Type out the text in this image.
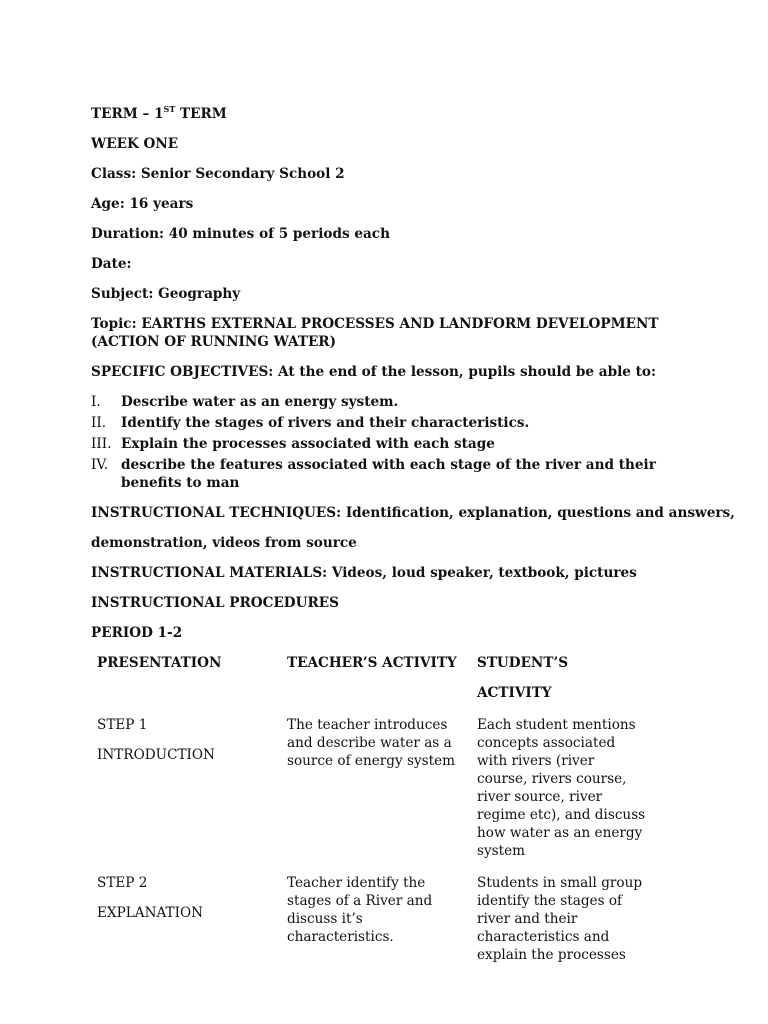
TERM – 1ST TERM
WEEK ONE
Class: Senior Secondary School 2
Age: 16 years
Duration: 40 minutes of 5 periods each
Date:
Subject: Geography
Topic: EARTHS EXTERNAL PROCESSES AND LANDFORM DEVELOPMENT (ACTION OF RUNNING WATER)
SPECIFIC OBJECTIVES: At the end of the lesson, pupils should be able to:
I. Describe water as an energy system.
II. Identify the stages of rivers and their characteristics.
III. Explain the processes associated with each stage
IV. describe the features associated with each stage of the river and their benefits to man
INSTRUCTIONAL TECHNIQUES: Identification, explanation, questions and answers,
demonstration, videos from source
INSTRUCTIONAL MATERIALS: Videos, loud speaker, textbook, pictures
INSTRUCTIONAL PROCEDURES
PERIOD 1-2
PRESENTATION	TEACHER’S ACTIVITY	STUDENT’S
ACTIVITY

STEP 1
INTRODUCTION	The teacher introduces and describe water as a source of energy system	Each student mentions concepts associated with rivers (river course, rivers course, river source, river regime etc), and discuss how water as an energy system

STEP 2
EXPLANATION	Teacher identify the stages of a River and discuss it’s characteristics.	Students in small group identify the stages of river and their characteristics and explain the processes
